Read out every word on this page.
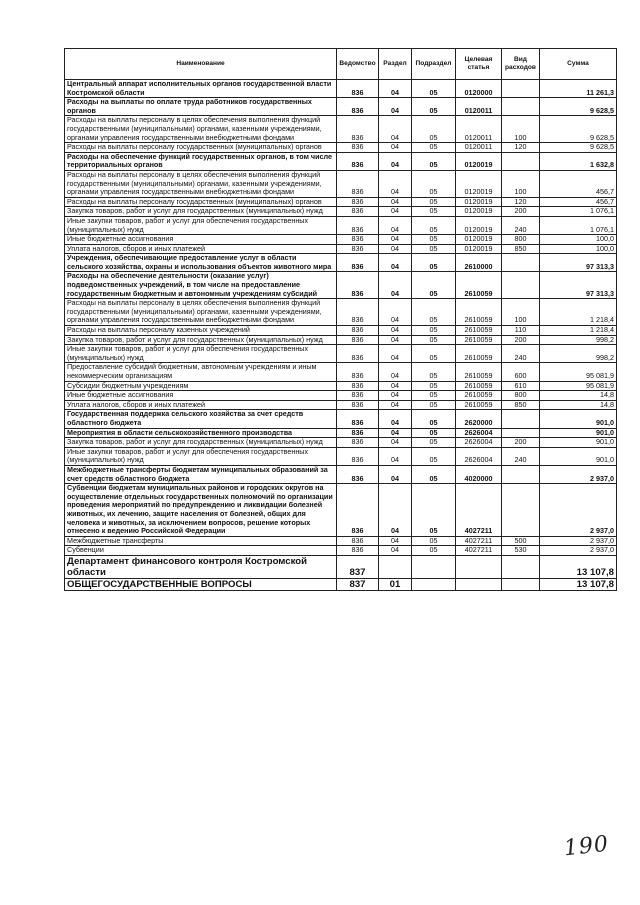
Наименование	Ведомство	Раздел	Подраздел	Целевая статья	Вид расходов	Сумма
Центральный аппарат исполнительных органов государственной власти Костромской области	836	04	05	0120000		11 261,3
Расходы на выплаты по оплате труда работников государственных органов	836	04	05	0120011		9 628,5
Расходы на выплаты персоналу в целях обеспечения выполнения функций государственными (муниципальными) органами, казенными учреждениями, органами управления государственными внебюджетными фондами	836	04	05	0120011	100	9 628,5
Расходы на выплаты персоналу государственных (муниципальных) органов	836	04	05	0120011	120	9 628,5
Расходы на обеспечение функций государственных органов, в том числе территориальных органов	836	04	05	0120019		1 632,8
Расходы на выплаты персоналу в целях обеспечения выполнения функций государственными (муниципальными) органами, казенными учреждениями, органами управления государственными внебюджетными фондами	836	04	05	0120019	100	456,7
Расходы на выплаты персоналу государственных (муниципальных) органов	836	04	05	0120019	120	456,7
Закупка товаров, работ и услуг для государственных (муниципальных) нужд	836	04	05	0120019	200	1 076,1
Иные закупки товаров, работ и услуг для обеспечения государственных (муниципальных) нужд	836	04	05	0120019	240	1 076,1
Иные бюджетные ассигнования	836	04	05	0120019	800	100,0
Уплата налогов, сборов и иных платежей	836	04	05	0120019	850	100,0
Учреждения, обеспечивающие предоставление услуг в области сельского хозяйства, охраны и использования объектов животного мира	836	04	05	2610000		97 313,3
Расходы на обеспечение деятельности (оказание услуг) подведомственных учреждений, в том числе на предоставление государственным бюджетным и автономным учреждениям субсидий	836	04	05	2610059		97 313,3
Расходы на выплаты персоналу в целях обеспечения выполнения функций государственными (муниципальными) органами, казенными учреждениями, органами управления государственными внебюджетными фондами	836	04	05	2610059	100	1 218,4
Расходы на выплаты персоналу казенных учреждений	836	04	05	2610059	110	1 218,4
Закупка товаров, работ и услуг для государственных (муниципальных) нужд	836	04	05	2610059	200	998,2
Иные закупки товаров, работ и услуг для обеспечения государственных (муниципальных) нужд	836	04	05	2610059	240	998,2
Предоставление субсидий бюджетным, автономным учреждениям и иным некоммерческим организациям	836	04	05	2610059	600	95 081,9
Субсидии бюджетным учреждениям	836	04	05	2610059	610	95 081,9
Иные бюджетные ассигнования	836	04	05	2610059	800	14,8
Уплата налогов, сборов и иных платежей	836	04	05	2610059	850	14,8
Государственная поддержка сельского хозяйства за счет средств областного бюджета	836	04	05	2620000		901,0
Мероприятия в области сельскохозяйственного производства	836	04	05	2626004		901,0
Закупка товаров, работ и услуг для государственных (муниципальных) нужд	836	04	05	2626004	200	901,0
Иные закупки товаров, работ и услуг для обеспечения государственных (муниципальных) нужд	836	04	05	2626004	240	901,0
Межбюджетные трансферты бюджетам муниципальных образований за счет средств областного бюджета	836	04	05	4020000		2 937,0
Субвенции бюджетам муниципальных районов и городских округов на осуществление отдельных государственных полномочий по организации проведения мероприятий по предупреждению и ликвидации болезней животных, их лечению, защите населения от болезней, общих для человека и животных, за исключением вопросов, решение которых отнесено к ведению Российской Федерации	836	04	05	4027211		2 937,0
Межбюджетные трансферты	836	04	05	4027211	500	2 937,0
Субвенции	836	04	05	4027211	530	2 937,0
Департамент финансового контроля Костромской области	837					13 107,8
ОБЩЕГОСУДАРСТВЕННЫЕ ВОПРОСЫ	837	01				13 107,8
190
